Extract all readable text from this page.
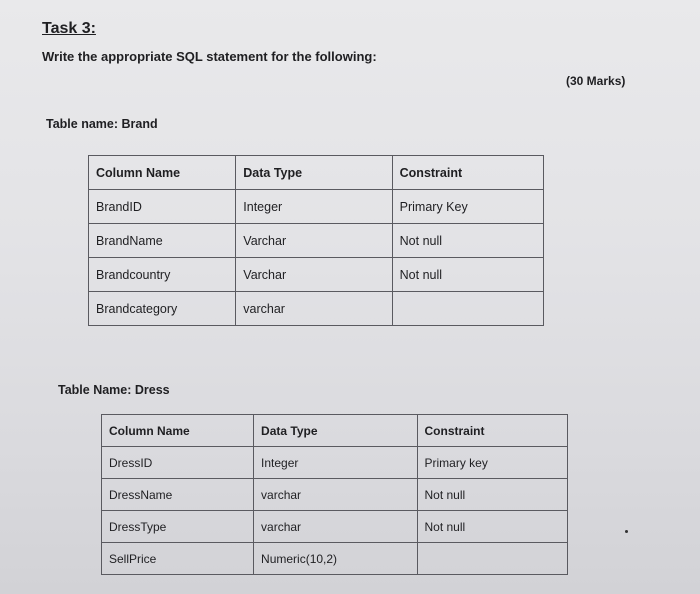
Task 3:
Write the appropriate SQL statement for the following:
(30 Marks)
Table name: Brand
Column Name	Data Type	Constraint
BrandID	Integer	Primary Key
BrandName	Varchar	Not null
Brandcountry	Varchar	Not null
Brandcategory	varchar	
Table Name: Dress
Column Name	Data Type	Constraint
DressID	Integer	Primary key
DressName	varchar	Not null
DressType	varchar	Not null
SellPrice	Numeric(10,2)	
